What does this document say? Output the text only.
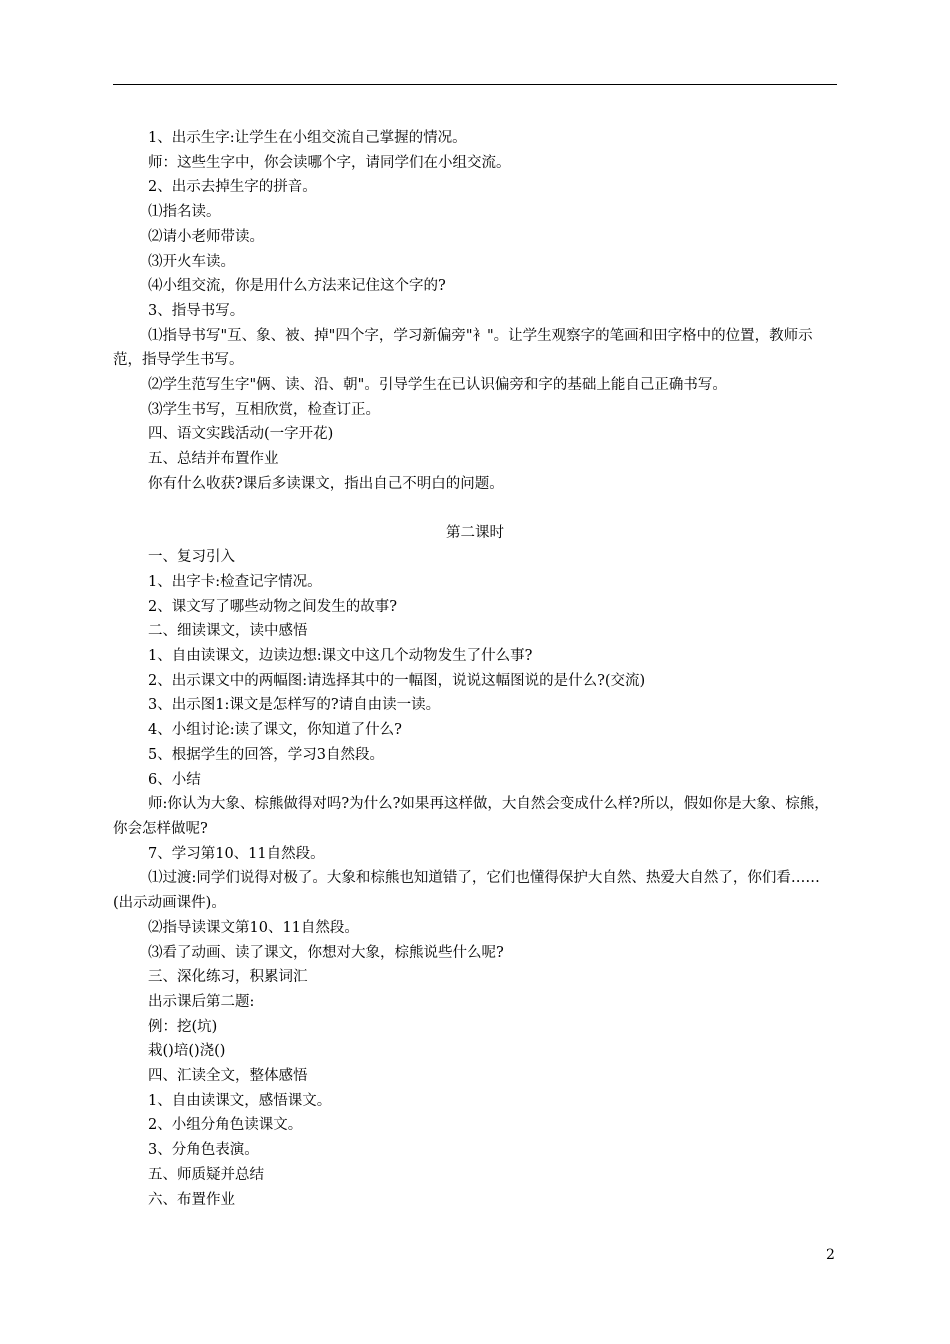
1、出示生字:让学生在小组交流自己掌握的情况。
师：这些生字中，你会读哪个字，请同学们在小组交流。
2、出示去掉生字的拼音。
⑴指名读。
⑵请小老师带读。
⑶开火车读。
⑷小组交流，你是用什么方法来记住这个字的?
3、指导书写。
⑴指导书写"互、象、被、掉"四个字，学习新偏旁"衤"。让学生观察字的笔画和田字格中的位置，教师示范，指导学生书写。
⑵学生范写生字"俩、读、沿、朝"。引导学生在已认识偏旁和字的基础上能自己正确书写。
⑶学生书写，互相欣赏，检查订正。
四、语文实践活动(一字开花)
五、总结并布置作业
你有什么收获?课后多读课文，指出自己不明白的问题。
第二课时
一、复习引入
1、出字卡:检查记字情况。
2、课文写了哪些动物之间发生的故事?
二、细读课文，读中感悟
1、自由读课文，边读边想:课文中这几个动物发生了什么事?
2、出示课文中的两幅图:请选择其中的一幅图，说说这幅图说的是什么?(交流)
3、出示图1:课文是怎样写的?请自由读一读。
4、小组讨论:读了课文，你知道了什么?
5、根据学生的回答，学习3自然段。
6、小结
师:你认为大象、棕熊做得对吗?为什么?如果再这样做，大自然会变成什么样?所以，假如你是大象、棕熊，你会怎样做呢?
7、学习第10、11自然段。
⑴过渡:同学们说得对极了。大象和棕熊也知道错了，它们也懂得保护大自然、热爱大自然了，你们看……(出示动画课件)。
⑵指导读课文第10、11自然段。
⑶看了动画、读了课文，你想对大象，棕熊说些什么呢?
三、深化练习，积累词汇
出示课后第二题:
例：挖(坑)
栽()培()浇()
四、汇读全文，整体感悟
1、自由读课文，感悟课文。
2、小组分角色读课文。
3、分角色表演。
五、师质疑并总结
六、布置作业
2
